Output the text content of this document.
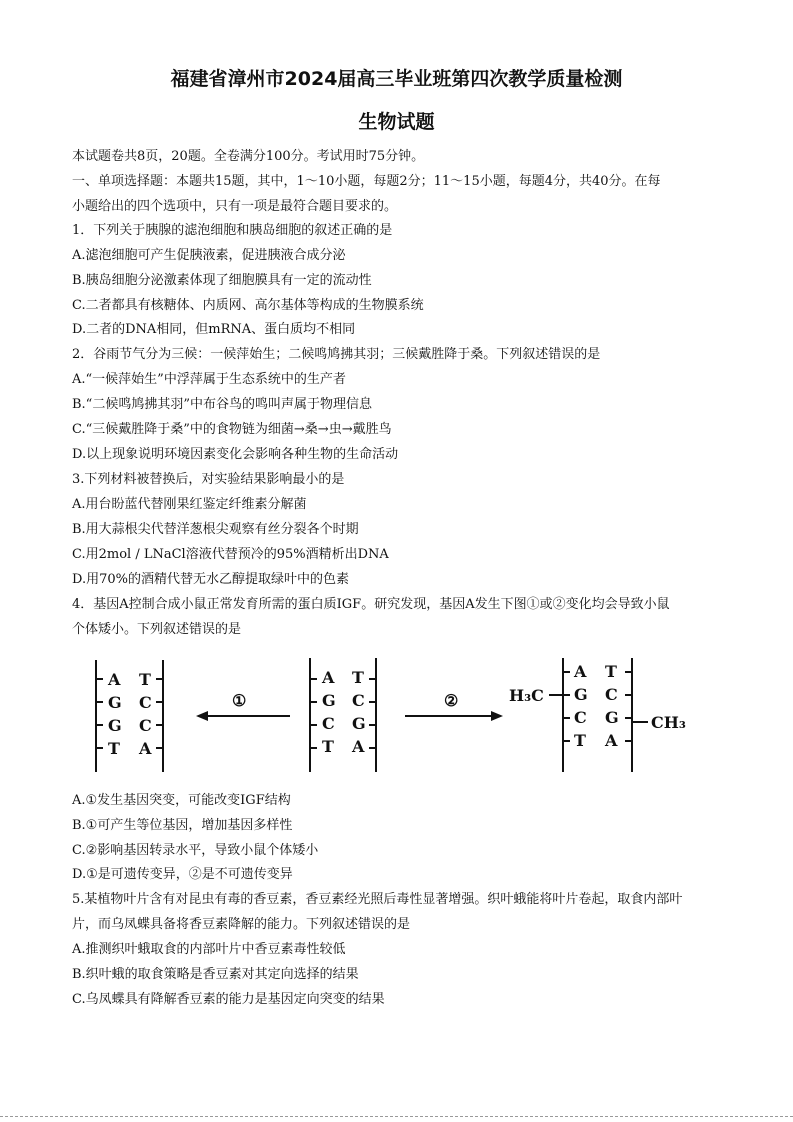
福建省漳州市2024届高三毕业班第四次教学质量检测
生物试题
本试题卷共8页，20题。全卷满分100分。考试用时75分钟。
一、单项选择题：本题共15题，其中，1～10小题，每题2分；11～15小题，每题4分，共40分。在每
小题给出的四个选项中，只有一项是最符合题目要求的。
1．下列关于胰腺的滤泡细胞和胰岛细胞的叙述正确的是
A.滤泡细胞可产生促胰液素，促进胰液合成分泌
B.胰岛细胞分泌激素体现了细胞膜具有一定的流动性
C.二者都具有核糖体、内质网、高尔基体等构成的生物膜系统
D.二者的DNA相同，但mRNA、蛋白质均不相同
2．谷雨节气分为三候：一候萍始生；二候鸣鸠拂其羽；三候戴胜降于桑。下列叙述错误的是
A.“一候萍始生”中浮萍属于生态系统中的生产者
B.“二候鸣鸠拂其羽”中布谷鸟的鸣叫声属于物理信息
C.“三候戴胜降于桑”中的食物链为细菌→桑→虫→戴胜鸟
D.以上现象说明环境因素变化会影响各种生物的生命活动
3.下列材料被替换后，对实验结果影响最小的是
A.用台盼蓝代替刚果红鉴定纤维素分解菌
B.用大蒜根尖代替洋葱根尖观察有丝分裂各个时期
C.用2mol / LNaCl溶液代替预冷的95%酒精析出DNA
D.用70%的酒精代替无水乙醇提取绿叶中的色素
4．基因A控制合成小鼠正常发育所需的蛋白质IGF。研究发现，基因A发生下图①或②变化均会导致小鼠
个体矮小。下列叙述错误的是
A T
G C
G C
T A
①
A T
G C
C G
T A
②
A T
G C
C G
T A
H₃C
CH₃
A.①发生基因突变，可能改变IGF结构
B.①可产生等位基因，增加基因多样性
C.②影响基因转录水平，导致小鼠个体矮小
D.①是可遗传变异，②是不可遗传变异
5.某植物叶片含有对昆虫有毒的香豆素，香豆素经光照后毒性显著增强。织叶蛾能将叶片卷起，取食内部叶
片，而乌凤蝶具备将香豆素降解的能力。下列叙述错误的是
A.推测织叶蛾取食的内部叶片中香豆素毒性较低
B.织叶蛾的取食策略是香豆素对其定向选择的结果
C.乌凤蝶具有降解香豆素的能力是基因定向突变的结果
